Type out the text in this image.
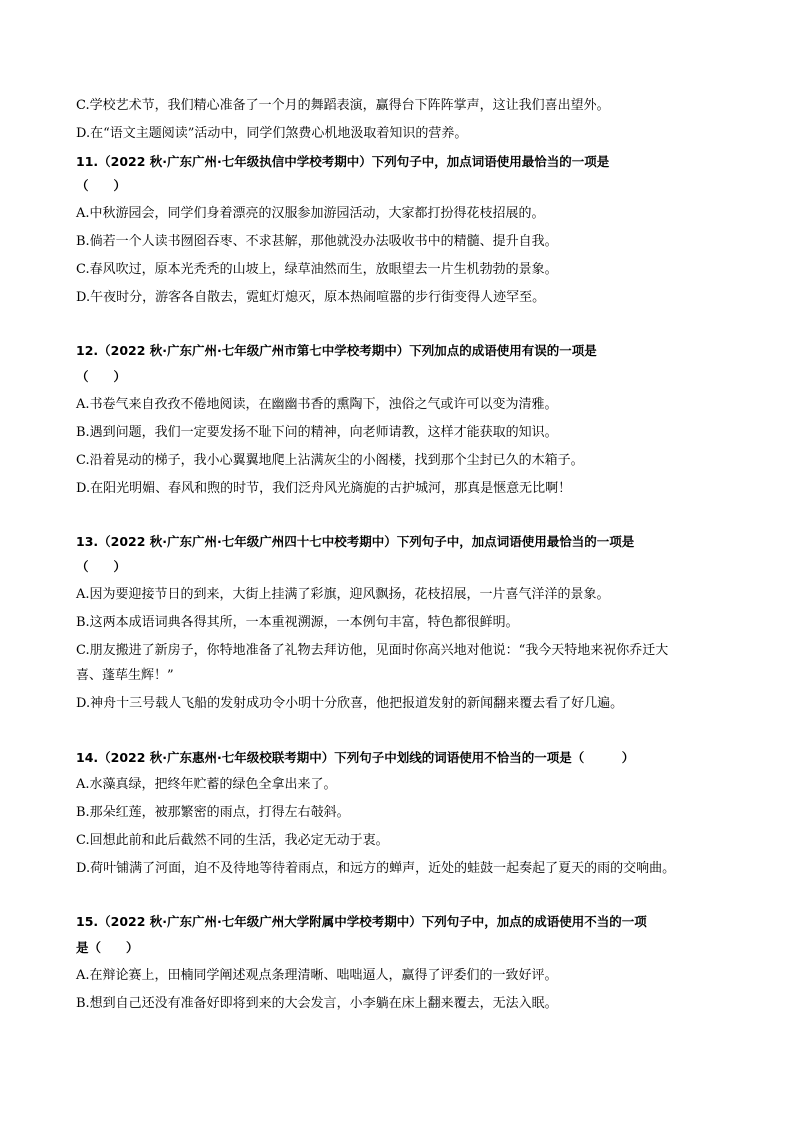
C.学校艺术节，我们精心准备了一个月的舞蹈表演，赢得台下阵阵掌声，这让我们喜出望外。
D.在“语文主题阅读”活动中，同学们煞费心机地汲取着知识的营养。
11.（2022 秋·广东广州·七年级执信中学校考期中）下列句子中，加点词语使用最恰当的一项是
（　　）
A.中秋游园会，同学们身着漂亮的汉服参加游园活动，大家都打扮得花枝招展的。
B.倘若一个人读书囫囵吞枣、不求甚解，那他就没办法吸收书中的精髓、提升自我。
C.春风吹过，原本光秃秃的山坡上，绿草油然而生，放眼望去一片生机勃勃的景象。
D.午夜时分，游客各自散去，霓虹灯熄灭，原本热闹喧嚣的步行街变得人迹罕至。
12.（2022 秋·广东广州·七年级广州市第七中学校考期中）下列加点的成语使用有误的一项是
（　　）
A.书卷气来自孜孜不倦地阅读，在幽幽书香的熏陶下，浊俗之气或许可以变为清雅。
B.遇到问题，我们一定要发扬不耻下问的精神，向老师请教，这样才能获取的知识。
C.沿着晃动的梯子，我小心翼翼地爬上沾满灰尘的小阁楼，找到那个尘封已久的木箱子。
D.在阳光明媚、春风和煦的时节，我们泛舟风光旖旎的古护城河，那真是惬意无比啊！
13.（2022 秋·广东广州·七年级广州四十七中校考期中）下列句子中，加点词语使用最恰当的一项是
（　　）
A.因为要迎接节日的到来，大街上挂满了彩旗，迎风飘扬，花枝招展，一片喜气洋洋的景象。
B.这两本成语词典各得其所，一本重视溯源，一本例句丰富，特色都很鲜明。
C.朋友搬进了新房子，你特地准备了礼物去拜访他，见面时你高兴地对他说：“我今天特地来祝你乔迁大
喜、蓬荜生辉！”
D.神舟十三号载人飞船的发射成功令小明十分欣喜，他把报道发射的新闻翻来覆去看了好几遍。
14.（2022 秋·广东惠州·七年级校联考期中）下列句子中划线的词语使用不恰当的一项是（　　　）
A.水藻真绿，把终年贮蓄的绿色全拿出来了。
B.那朵红莲，被那繁密的雨点，打得左右攲斜。
C.回想此前和此后截然不同的生活，我必定无动于衷。
D.荷叶铺满了河面，迫不及待地等待着雨点，和远方的蝉声，近处的蛙鼓一起奏起了夏天的雨的交响曲。
15.（2022 秋·广东广州·七年级广州大学附属中学校考期中）下列句子中，加点的成语使用不当的一项
是（　　）
A.在辩论赛上，田楠同学阐述观点条理清晰、咄咄逼人，赢得了评委们的一致好评。
B.想到自己还没有准备好即将到来的大会发言，小李躺在床上翻来覆去，无法入眠。
